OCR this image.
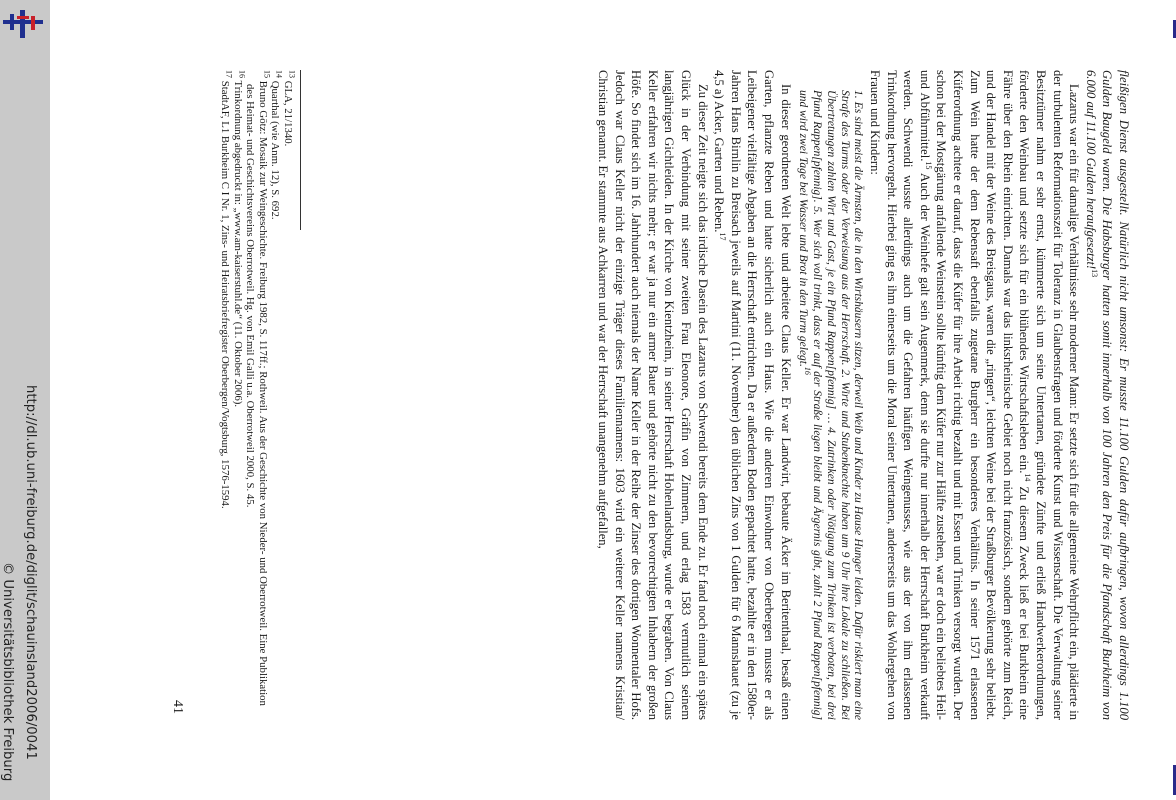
http://dl.ub.uni-freiburg.de/diglit/schauinsland2006/0041
© Universitätsbibliothek Freiburg	fleißigen Dienst ausgestellt. Natürlich nicht umsonst: Er musste 11.100 Gulden dafür aufbringen, wovon allerdings 1.100 Gulden Baugeld waren. Die Habsburger hatten somit innerhalb von 100 Jahren den Preis für die Pfandschaft Burkheim von 6.000 auf 11.100 Gulden heraufgesetzt!$^{13}$

Lazarus war ein für damalige Verhältnisse sehr moderner Mann: Er setzte sich für die allgemeine Wehrpflicht ein, plädierte in der turbulenten Reformationszeit für Toleranz in Glaubensfragen und förderte Kunst und Wissenschaft. Die Verwaltung seiner Besitztümer nahm er sehr ernst, kümmerte sich um seine Untertanen, gründete Zünfte und erließ Handwerkerordnungen, förderte den Weinbau und setzte sich für ein blühendes Wirtschaftsleben ein.$^{14}$ Zu diesem Zweck ließ er bei Burkheim eine Fähre über den Rhein einrichten. Damals war das linksrheinische Gebiet noch nicht französisch, sondern gehörte zum Reich, und der Handel mit der Weine des Breisgaus, waren die „ringen“, leichten Weine bei der Straßburger Bevölkerung sehr beliebt. Zum Wein hatte der dem Rebensaft ebenfalls zugetane Burgherr ein besonderes Verhältnis. In seiner 1571 erlassenen Küferordnung achtete er darauf, dass die Küfer für ihre Arbeit richtig bezahlt und mit Essen und Trinken versorgt wurden. Der schon bei der Mostgärung anfallende Weinstein sollte künftig dem Küfer nur zur Hälfte zustehen, war er doch ein beliebtes Heil- und Abführmittel.$^{15}$ Auch der Weinhefe galt sein Augenmerk, denn sie durfte nur innerhalb der Herrschaft Burkheim verkauft werden. Schwendi wusste allerdings auch um die Gefahren häufigen Weingenusses, wie aus der von ihm erlassenen Trinkordnung hervorgeht. Hierbei ging es ihm einerseits um die Moral seiner Untertanen, andererseits um das Wohlergehen von Frauen und Kindern:

1. Es sind meist die Ärmsten, die in den Wirtshäusern sitzen, derweil Weib und Kinder zu Hause Hunger leiden. Dafür riskiert man eine Strafe des Turms oder der Verweisung aus der Herrschaft. 2. Wirte und Stubenknechte haben um 9 Uhr ihre Lokale zu schließen. Bei Übertretungen zahlen Wirt und Gast, je ein Pfund Rappen[pfennig] … 4. Zutrinken oder Nötigung zum Trinken ist verboten, bei drei Pfund Rappen[pfennig]. 5. Wer sich voll trinkt, dass er auf der Straße liegen bleibt und Ärgernis gibt, zahlt 2 Pfund Rappen[pfennig] und wird zwei Tage bei Wasser und Brot in den Turm gelegt.$^{16}$

In dieser geordneten Welt lebte und arbeitete Claus Keller. Er war Landwirt, bebaute Äcker im Beritenthaal, besaß einen Garten, pflanzte Reben und hatte sicherlich auch ein Haus. Wie die anderen Einwohner von Oberbergen musste er als Leibeigener vielfältige Abgaben an die Herrschaft entrichten. Da er außerdem Boden gepachtet hatte, bezahlte er in den 1580er-Jahren Hans Birnlin zu Breisach jeweils auf Martini (11. November) den üblichen Zins von 1 Gulden für 6 Mannshauet (zu je 4,5 a) Acker, Garten und Reben.$^{17}$

Zu dieser Zeit neigte sich das irdische Dasein des Lazarus von Schwendi bereits dem Ende zu. Er fand noch einmal ein spätes Glück in der Verbindung mit seiner zweiten Frau Eleonore, Gräfin von Zimmern, und erlag 1583 vermutlich seinem langjährigen Gichtleiden. In der Kirche von Kientzheim, in seiner Herrschaft Hohenlandsburg, wurde er begraben. Von Claus Keller erfahren wir nichts mehr; er war ja nur ein armer Bauer und gehörte nicht zu den bevorrechtigten Inhabern der großen Höfe. So findet sich im 16. Jahrhundert auch niemals der Name Keller in der Reihe der Zinser des dortigen Wonnentaler Hofs. Jedoch war Claus Keller nicht der einzige Träger dieses Familiennamens: 1603 wird ein weiterer Keller namens Kristian/ Christian genannt. Er stammte aus Achkarren und war der Herrschaft unangenehm aufgefallen,

$^{13}$ GLA, 21/1340.
$^{14}$ Quarthal (wie Anm. 12), S. 692.
$^{15}$ Bruno Götz: Mosaik zur Weingeschichte. Freiburg 1982, S. 117ff.; Rothweil. Aus der Geschichte von Nieder- und Oberrotweil. Eine Publikation des Heimat- und Geschichtsvereins Oberrotweil. Hg. von Emil Galli u.a. Oberrotweil 2000, S. 45.
$^{16}$ Trinkordnung abgedruckt in: „www.am-kaiserstuhl.de“ (11. Oktober 2006).
$^{17}$ StadtAF, L1 Burkheim C I Nr. 1, Zins- und Heiratsbriefregister Oberbergen/Vogtsburg, 1576-1594.
41
